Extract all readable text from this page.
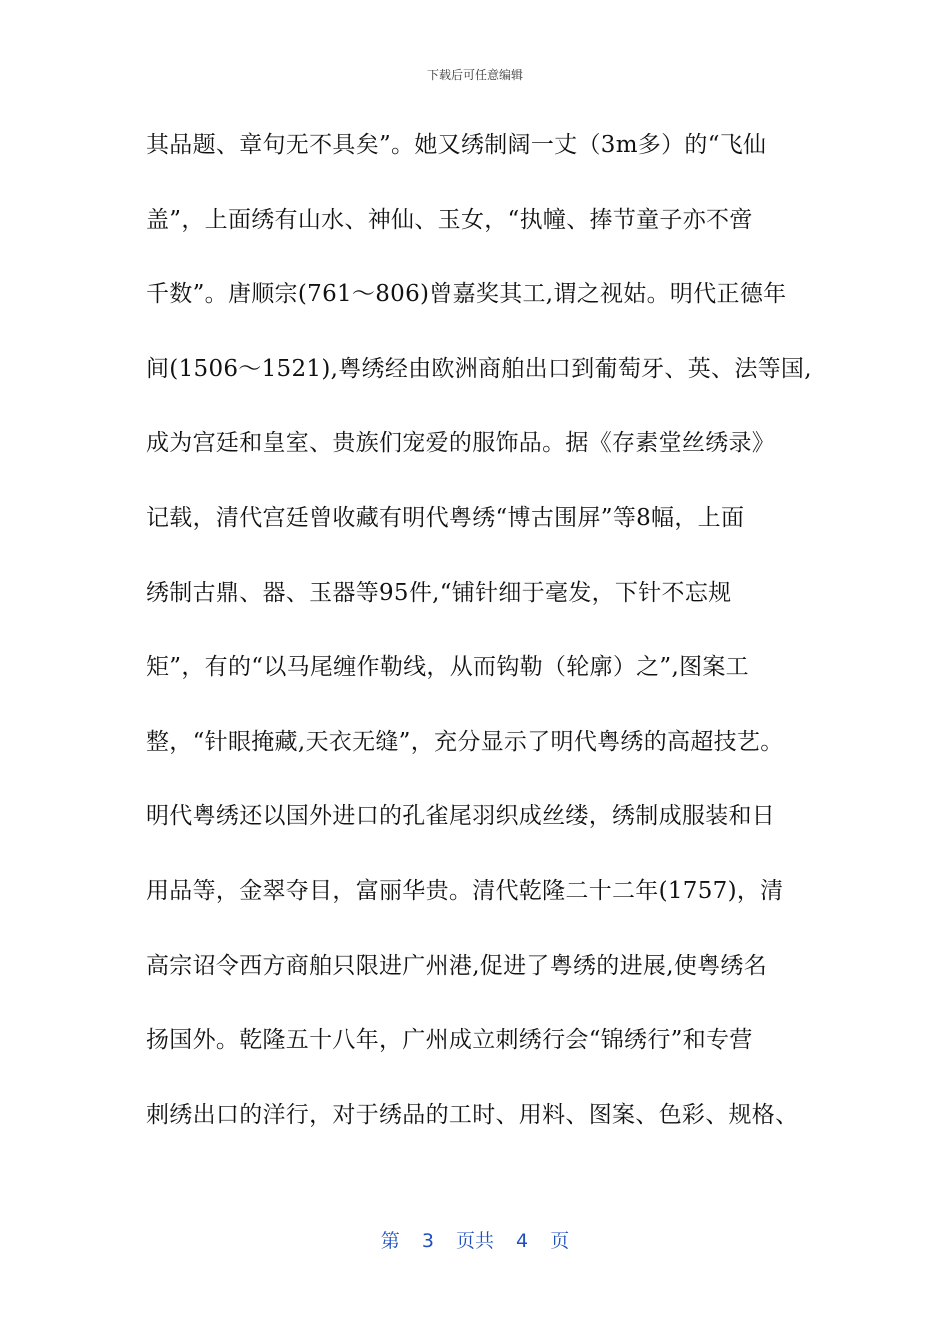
下载后可任意编辑
其品题、章句无不具矣”。她又绣制阔一丈（3m多）的“飞仙
盖”，上面绣有山水、神仙、玉女，“执幢、捧节童子亦不啻
千数”。唐顺宗(761～806)曾嘉奖其工,谓之视姑。明代正德年
间(1506～1521),粤绣经由欧洲商舶出口到葡萄牙、英、法等国,
成为宫廷和皇室、贵族们宠爱的服饰品。据《存素堂丝绣录》
记载，清代宫廷曾收藏有明代粤绣“博古围屏”等8幅，上面
绣制古鼎、器、玉器等95件,“铺针细于毫发，下针不忘规
矩”，有的“以马尾缠作勒线，从而钩勒（轮廓）之”,图案工
整，“针眼掩藏,天衣无缝”，充分显示了明代粤绣的高超技艺。
明代粤绣还以国外进口的孔雀尾羽织成丝缕，绣制成服装和日
用品等，金翠夺目，富丽华贵。清代乾隆二十二年(1757)，清
高宗诏令西方商舶只限进广州港,促进了粤绣的进展,使粤绣名
扬国外。乾隆五十八年，广州成立刺绣行会“锦绣行”和专营
刺绣出口的洋行，对于绣品的工时、用料、图案、色彩、规格、
第 3 页共 4 页
